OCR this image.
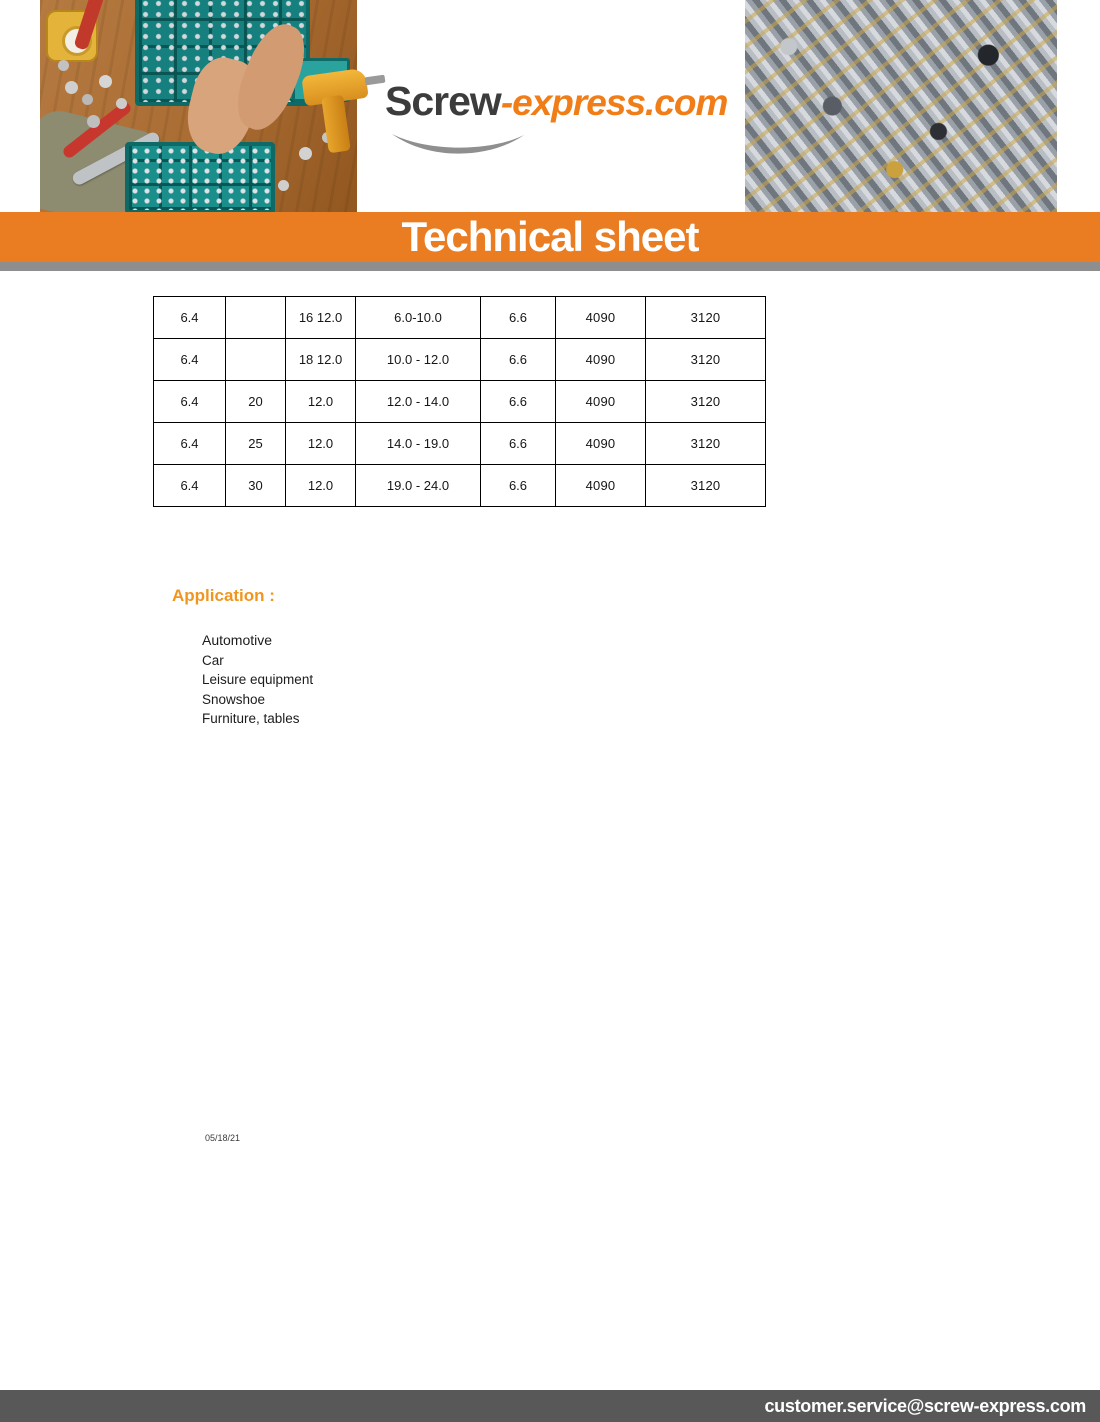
Screw-express.com
Technical sheet
6.4		16 12.0	6.0-10.0	6.6	4090	3120
6.4		18 12.0	10.0 - 12.0	6.6	4090	3120
6.4	20	12.0	12.0 - 14.0	6.6	4090	3120
6.4	25	12.0	14.0 - 19.0	6.6	4090	3120
6.4	30	12.0	19.0 - 24.0	6.6	4090	3120
Application :
Automotive
Car
Leisure equipment
Snowshoe
Furniture, tables
05/18/21
customer.service@screw-express.com
